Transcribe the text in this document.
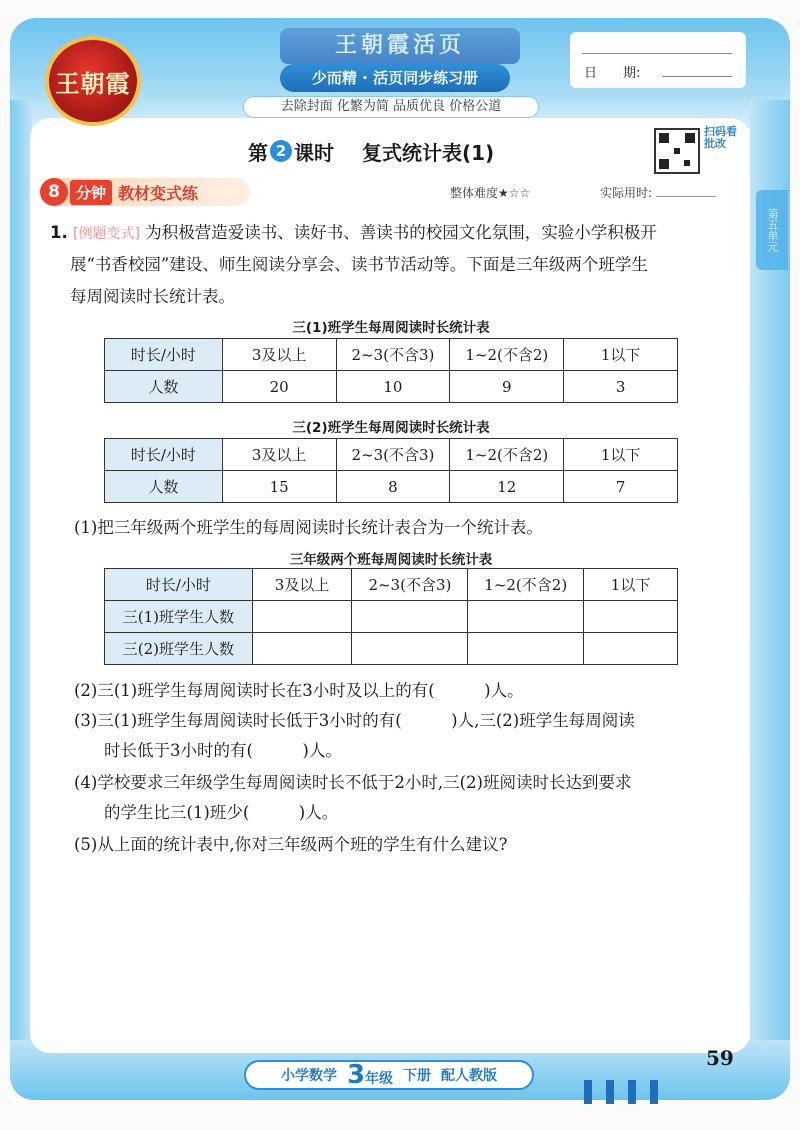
王朝霞
王朝霞活页
少而精 · 活页同步练习册
去除封面 化繁为简 品质优良 价格公道
日　　期:
第 2 课时 复式统计表(1)
扫码看批改
8	分钟 教材变式练	整体难度★☆☆	实际用时:
第五单元
1. [例题变式] 为积极营造爱读书、读好书、善读书的校园文化氛围，实验小学积极开
展“书香校园”建设、师生阅读分享会、读书节活动等。下面是三年级两个班学生
每周阅读时长统计表。
三(1)班学生每周阅读时长统计表
时长/小时	3及以上	2~3(不含3)	1~2(不含2)	1以下
人数	20	10	9	3
三(2)班学生每周阅读时长统计表
时长/小时	3及以上	2~3(不含3)	1~2(不含2)	1以下
人数	15	8	12	7
(1)把三年级两个班学生的每周阅读时长统计表合为一个统计表。
三年级两个班每周阅读时长统计表
时长/小时	3及以上	2~3(不含3)	1~2(不含2)	1以下
三(1)班学生人数				
三(2)班学生人数				
(2)三(1)班学生每周阅读时长在3小时及以上的有(　　　)人。
(3)三(1)班学生每周阅读时长低于3小时的有(　　　)人,三(2)班学生每周阅读
时长低于3小时的有(　　　)人。
(4)学校要求三年级学生每周阅读时长不低于2小时,三(2)班阅读时长达到要求
的学生比三(1)班少(　　　)人。
(5)从上面的统计表中,你对三年级两个班的学生有什么建议?
小学数学 3年级 下册 配人教版
59
